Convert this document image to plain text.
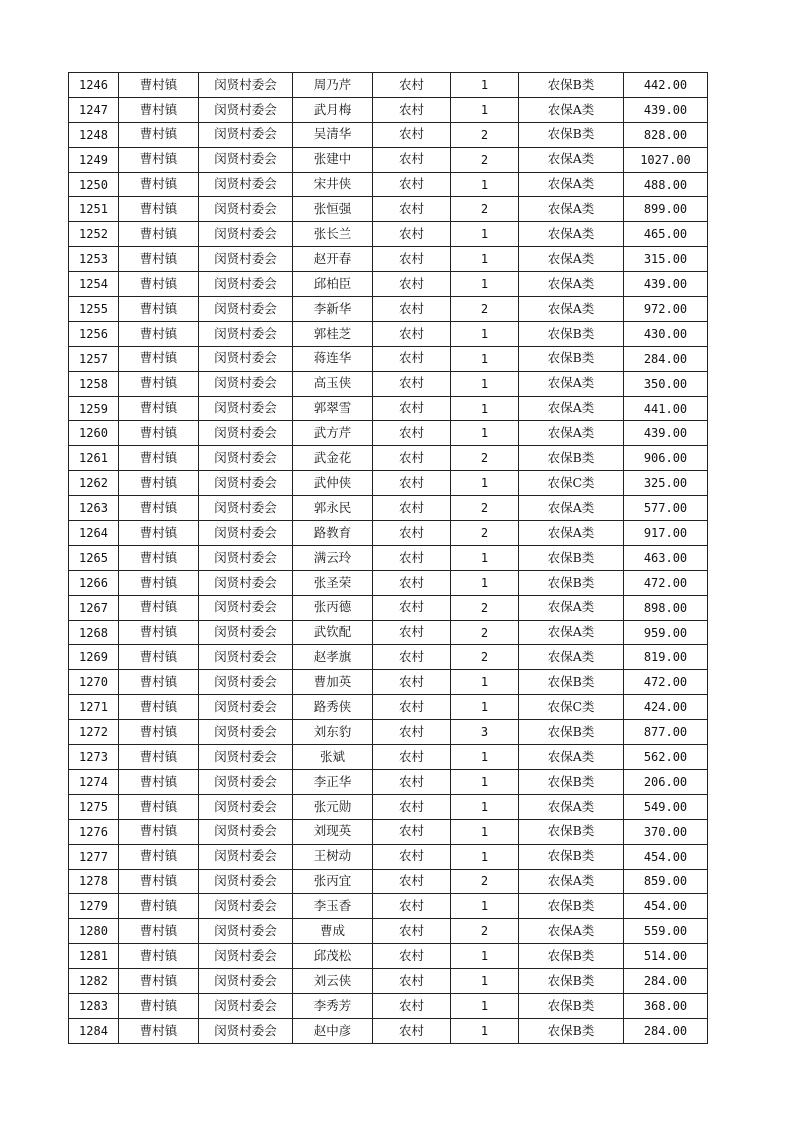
1246	曹村镇	闵贤村委会	周乃芹	农村	1	农保B类	442.00
1247	曹村镇	闵贤村委会	武月梅	农村	1	农保A类	439.00
1248	曹村镇	闵贤村委会	吴清华	农村	2	农保B类	828.00
1249	曹村镇	闵贤村委会	张建中	农村	2	农保A类	1027.00
1250	曹村镇	闵贤村委会	宋井侠	农村	1	农保A类	488.00
1251	曹村镇	闵贤村委会	张恒强	农村	2	农保A类	899.00
1252	曹村镇	闵贤村委会	张长兰	农村	1	农保A类	465.00
1253	曹村镇	闵贤村委会	赵开春	农村	1	农保A类	315.00
1254	曹村镇	闵贤村委会	邱柏臣	农村	1	农保A类	439.00
1255	曹村镇	闵贤村委会	李新华	农村	2	农保A类	972.00
1256	曹村镇	闵贤村委会	郭桂芝	农村	1	农保B类	430.00
1257	曹村镇	闵贤村委会	蒋连华	农村	1	农保B类	284.00
1258	曹村镇	闵贤村委会	高玉侠	农村	1	农保A类	350.00
1259	曹村镇	闵贤村委会	郭翠雪	农村	1	农保A类	441.00
1260	曹村镇	闵贤村委会	武方芹	农村	1	农保A类	439.00
1261	曹村镇	闵贤村委会	武金花	农村	2	农保B类	906.00
1262	曹村镇	闵贤村委会	武仲侠	农村	1	农保C类	325.00
1263	曹村镇	闵贤村委会	郭永民	农村	2	农保A类	577.00
1264	曹村镇	闵贤村委会	路教育	农村	2	农保A类	917.00
1265	曹村镇	闵贤村委会	满云玲	农村	1	农保B类	463.00
1266	曹村镇	闵贤村委会	张圣荣	农村	1	农保B类	472.00
1267	曹村镇	闵贤村委会	张丙德	农村	2	农保A类	898.00
1268	曹村镇	闵贤村委会	武钦配	农村	2	农保A类	959.00
1269	曹村镇	闵贤村委会	赵孝旗	农村	2	农保A类	819.00
1270	曹村镇	闵贤村委会	曹加英	农村	1	农保B类	472.00
1271	曹村镇	闵贤村委会	路秀侠	农村	1	农保C类	424.00
1272	曹村镇	闵贤村委会	刘东豹	农村	3	农保B类	877.00
1273	曹村镇	闵贤村委会	张斌	农村	1	农保A类	562.00
1274	曹村镇	闵贤村委会	李正华	农村	1	农保B类	206.00
1275	曹村镇	闵贤村委会	张元勋	农村	1	农保A类	549.00
1276	曹村镇	闵贤村委会	刘现英	农村	1	农保B类	370.00
1277	曹村镇	闵贤村委会	王树动	农村	1	农保B类	454.00
1278	曹村镇	闵贤村委会	张丙宜	农村	2	农保A类	859.00
1279	曹村镇	闵贤村委会	李玉香	农村	1	农保B类	454.00
1280	曹村镇	闵贤村委会	曹成	农村	2	农保A类	559.00
1281	曹村镇	闵贤村委会	邱茂松	农村	1	农保B类	514.00
1282	曹村镇	闵贤村委会	刘云侠	农村	1	农保B类	284.00
1283	曹村镇	闵贤村委会	李秀芳	农村	1	农保B类	368.00
1284	曹村镇	闵贤村委会	赵中彦	农村	1	农保B类	284.00
